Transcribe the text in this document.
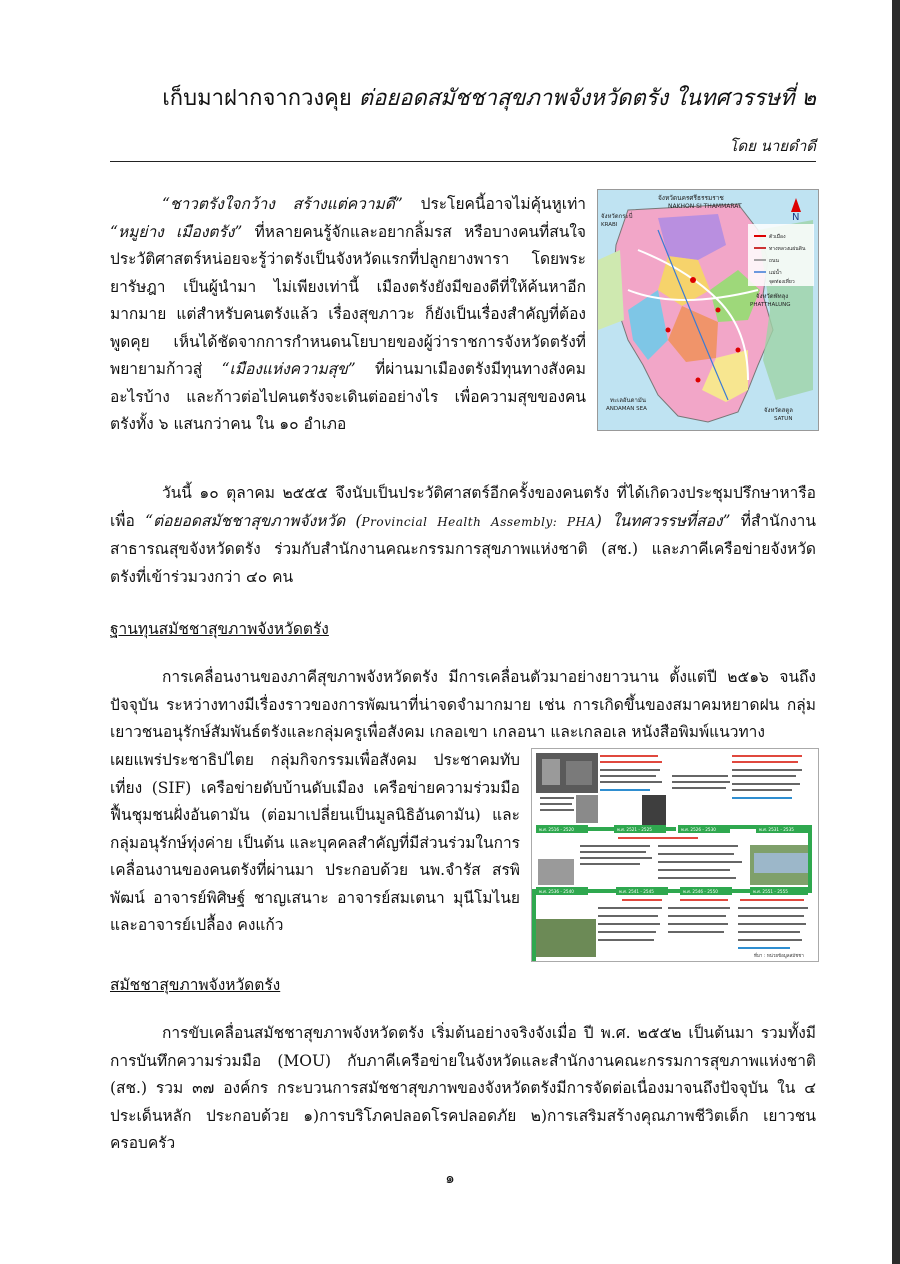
เก็บมาฝากจากวงคุย ต่อยอดสมัชชาสุขภาพจังหวัดตรัง ในทศวรรษที่ ๒
โดย นายดำดี

“ชาวตรังใจกว้าง สร้างแต่ความดี” ประโยคนี้อาจไม่คุ้นหูเท่า “หมูย่าง เมืองตรัง” ที่หลายคนรู้จักและอยากลิ้มรส หรือบางคนที่สนใจประวัติศาสตร์หน่อยจะรู้ว่าตรังเป็นจังหวัดแรกที่ปลูกยางพารา โดยพระยารัษฎา เป็นผู้นำมา ไม่เพียงเท่านี้ เมืองตรังยังมีของดีที่ให้ค้นหาอีกมากมาย แต่สำหรับคนตรังแล้ว เรื่องสุขภาวะ ก็ยังเป็นเรื่องสำคัญที่ต้องพูดคุย เห็นได้ชัดจากการกำหนดนโยบายของผู้ว่าราชการจังหวัดตรังที่พยายามก้าวสู่ “เมืองแห่งความสุข” ที่ผ่านมาเมืองตรังมีทุนทางสังคมอะไรบ้าง และก้าวต่อไปคนตรังจะเดินต่ออย่างไร เพื่อความสุขของคนตรังทั้ง ๖ แสนกว่าคน ใน ๑๐ อำเภอ

N
จังหวัดนครศรีธรรมราช
NAKHON SI THAMMARAT
จังหวัดกระบี่
KRABI
จังหวัดพัทลุง
PHATTHALUNG
ทะเลอันดามัน
ANDAMAN SEA	จังหวัดสตูล
SATUN
ตัวเมือง
ทางหลวงแผ่นดิน
ถนน
แม่น้ำ
จุดท่องเที่ยว

วันนี้ ๑๐ ตุลาคม ๒๕๕๕ จึงนับเป็นประวัติศาสตร์อีกครั้งของคนตรัง ที่ได้เกิดวงประชุมปรึกษาหารือเพื่อ “ต่อยอดสมัชชาสุขภาพจังหวัด (Provincial Health Assembly: PHA) ในทศวรรษที่สอง” ที่สำนักงานสาธารณสุขจังหวัดตรัง ร่วมกับสำนักงานคณะกรรมการสุขภาพแห่งชาติ (สช.) และภาคีเครือข่ายจังหวัดตรังที่เข้าร่วมวงกว่า ๔๐ คน

ฐานทุนสมัชชาสุขภาพจังหวัดตรัง

การเคลื่อนงานของภาคีสุขภาพจังหวัดตรัง มีการเคลื่อนตัวมาอย่างยาวนาน ตั้งแต่ปี ๒๕๑๖ จนถึงปัจจุบัน ระหว่างทางมีเรื่องราวของการพัฒนาที่น่าจดจำมากมาย เช่น การเกิดขึ้นของสมาคมหยาดฝน กลุ่มเยาวชนอนุรักษ์สัมพันธ์ตรังและกลุ่มครูเพื่อสังคม เกลอเขา เกลอนา และเกลอเล หนังสือพิมพ์แนวทาง

เผยแพร่ประชาธิปไตย กลุ่มกิจกรรมเพื่อสังคม ประชาคมทับเที่ยง (SIF) เครือข่ายดับบ้านดับเมือง เครือข่ายความร่วมมือฟื้นชุมชนฝั่งอันดามัน (ต่อมาเปลี่ยนเป็นมูลนิธิอันดามัน) และกลุ่มอนุรักษ์ทุ่งค่าย เป็นต้น และบุคคลสำคัญที่มีส่วนร่วมในการเคลื่อนงานของคนตรังที่ผ่านมา ประกอบด้วย นพ.จำรัส สรพิพัฒน์ อาจารย์พิศิษฐ์ ชาญเสนาะ อาจารย์สมเตนา มุนีโมไนย และอาจารย์เปลื้อง คงแก้ว

พ.ศ. 2516 - 2520	พ.ศ. 2521 - 2525	พ.ศ. 2526 - 2530	พ.ศ. 2531 - 2535
พ.ศ. 2536 - 2540	พ.ศ. 2541 - 2545	พ.ศ. 2546 - 2550	พ.ศ. 2551 - 2555
ที่มา : หน่วยข้อมูลสมัชชา
สมัชชาสุขภาพจังหวัดตรัง

การขับเคลื่อนสมัชชาสุขภาพจังหวัดตรัง เริ่มต้นอย่างจริงจังเมื่อ ปี พ.ศ. ๒๕๕๒ เป็นต้นมา รวมทั้งมีการบันทึกความร่วมมือ (MOU) กับภาคีเครือข่ายในจังหวัดและสำนักงานคณะกรรมการสุขภาพแห่งชาติ (สช.) รวม ๓๗ องค์กร กระบวนการสมัชชาสุขภาพของจังหวัดตรังมีการจัดต่อเนื่องมาจนถึงปัจจุบัน ใน ๔ ประเด็นหลัก ประกอบด้วย ๑)การบริโภคปลอดโรคปลอดภัย ๒)การเสริมสร้างคุณภาพชีวิตเด็ก เยาวชน ครอบครัว

๑
